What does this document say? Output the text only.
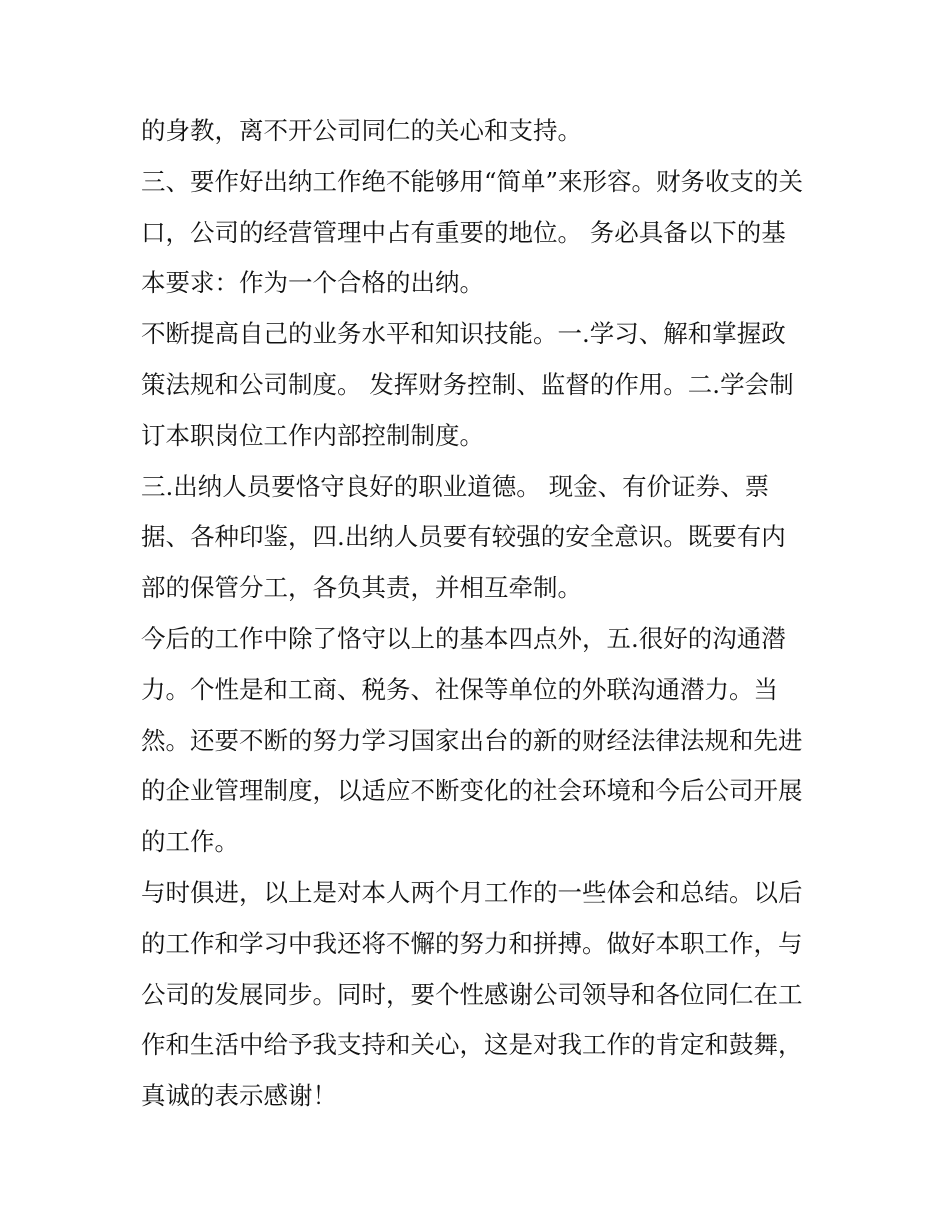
的身教，离不开公司同仁的关心和支持。
三、要作好出纳工作绝不能够用“简单”来形容。财务收支的关
口，公司的经营管理中占有重要的地位。 务必具备以下的基
本要求：作为一个合格的出纳。
不断提高自己的业务水平和知识技能。一.学习、解和掌握政
策法规和公司制度。 发挥财务控制、监督的作用。二.学会制
订本职岗位工作内部控制制度。
三.出纳人员要恪守良好的职业道德。 现金、有价证券、票
据、各种印鉴，四.出纳人员要有较强的安全意识。既要有内
部的保管分工，各负其责，并相互牵制。
今后的工作中除了恪守以上的基本四点外，五.很好的沟通潜
力。个性是和工商、税务、社保等单位的外联沟通潜力。当
然。还要不断的努力学习国家出台的新的财经法律法规和先进
的企业管理制度，以适应不断变化的社会环境和今后公司开展
的工作。
与时俱进，以上是对本人两个月工作的一些体会和总结。以后
的工作和学习中我还将不懈的努力和拼搏。做好本职工作，与
公司的发展同步。同时，要个性感谢公司领导和各位同仁在工
作和生活中给予我支持和关心，这是对我工作的肯定和鼓舞，
真诚的表示感谢！
